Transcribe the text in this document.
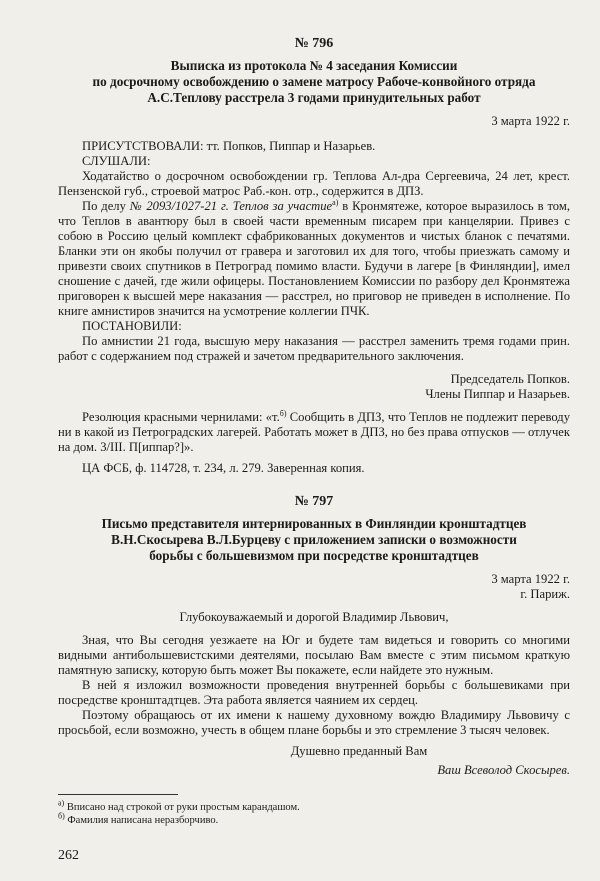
№ 796
Выписка из протокола № 4 заседания Комиссии
по досрочному освобождению о замене матросу Рабоче-конвойного отряда
А.С.Теплову расстрела 3 годами принудительных работ
3 марта 1922 г.

ПРИСУТСТВОВАЛИ: тт. Попков, Пиппар и Назарьев.

СЛУШАЛИ:

Ходатайство о досрочном освобождении гр. Теплова Ал-дра Сергеевича, 24 лет, крест. Пензенской губ., строевой матрос Раб.-кон. отр., содержится в ДПЗ.

По делу № 2093/1027-21 г. Теплов за участие$^{а)}$ в Кронмятеже, которое выразилось в том, что Теплов в авантюру был в своей части временным писарем при канцелярии. Привез с собою в Россию целый комплект сфабрикованных документов и чистых бланок с печатями. Бланки эти он якобы получил от гравера и заготовил их для того, чтобы приезжать самому и привезти своих спутников в Петроград помимо власти. Будучи в лагере [в Финляндии], имел сношение с дачей, где жили офицеры. Постановлением Комиссии по разбору дел Кронмятежа приговорен к высшей мере наказания — расстрел, но приговор не приведен в исполнение. По книге амнистиров значится на усмотрение коллегии ПЧК.

ПОСТАНОВИЛИ:

По амнистии 21 года, высшую меру наказания — расстрел заменить тремя годами прин. работ с содержанием под стражей и зачетом предварительного заключения.

Председатель Попков.
Члены Пиппар и Назарьев.

Резолюция красными чернилами: «т.$^{б)}$ Сообщить в ДПЗ, что Теплов не подлежит переводу ни в какой из Петроградских лагерей. Работать может в ДПЗ, но без права отпусков — отлучек на дом. 3/III. П[иппар?]».

ЦА ФСБ, ф. 114728, т. 234, л. 279. Заверенная копия.

№ 797
Письмо представителя интернированных в Финляндии кронштадтцев
В.Н.Скосырева В.Л.Бурцеву с приложением записки о возможности
борьбы с большевизмом при посредстве кронштадтцев
3 марта 1922 г.
г. Париж.
Глубокоуважаемый и дорогой Владимир Львович,

Зная, что Вы сегодня уезжаете на Юг и будете там видеться и говорить со многими видными антибольшевистскими деятелями, посылаю Вам вместе с этим письмом краткую памятную записку, которую быть может Вы покажете, если найдете это нужным.

В ней я изложил возможности проведения внутренней борьбы с большевиками при посредстве кронштадтцев. Эта работа является чаянием их сердец.

Поэтому обращаюсь от их имени к нашему духовному вождю Владимиру Львовичу с просьбой, если возможно, учесть в общем плане борьбы и это стремление 3 тысяч человек.

Душевно преданный Вам
Ваш Всеволод Скосырев.
$^{а)}$ Вписано над строкой от руки простым карандашом.
$^{б)}$ Фамилия написана неразборчиво.
262
